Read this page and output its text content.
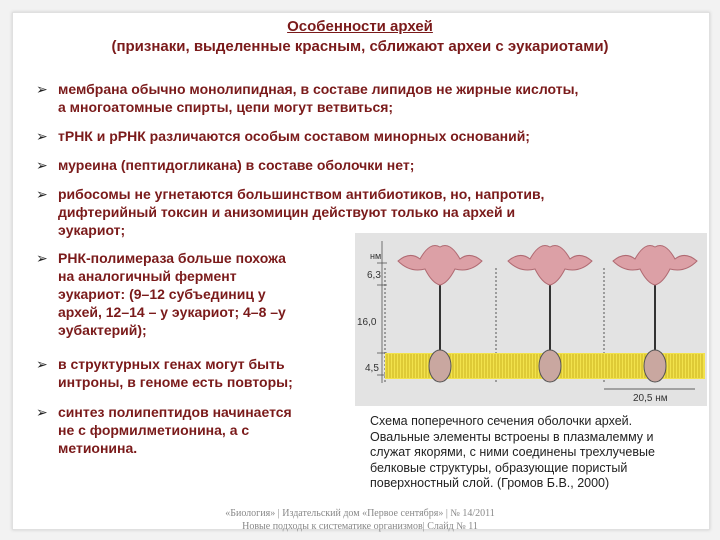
Особенности архей
(признаки, выделенные красным, сближают археи с эукариотами)
➢ мембрана обычно монолипидная, в составе липидов не жирные кислоты,
а многоатомные спирты, цепи могут ветвиться;
➢ тРНК и рРНК различаются особым составом минорных оснований;
➢ муреина (пептидогликана) в составе оболочки нет;
➢ рибосомы не угнетаются большинством антибиотиков, но, напротив,
дифтерийный токсин и анизомицин действуют только на архей и
эукариот;
➢ РНК-полимераза больше похожа
на аналогичный фермент
эукариот: (9–12 субъединиц у
архей, 12–14 – у эукариот; 4–8 –у
эубактерий);
➢ в структурных генах могут быть
интроны, в геноме есть повторы;
➢ синтез полипептидов начинается
не с формилметионина, а с
метионина.
нм
6,3
16,0
4,5
20,5 нм
Схема поперечного сечения оболочки архей.
Овальные элементы встроены в плазмалемму и
служат якорями, с ними соединены трехлучевые
белковые структуры, образующие пористый
поверхностный слой. (Громов Б.В., 2000)
«Биология» | Издательский дом «Первое сентября» | № 14/2011
Новые подходы к систематике организмов| Слайд № 11
